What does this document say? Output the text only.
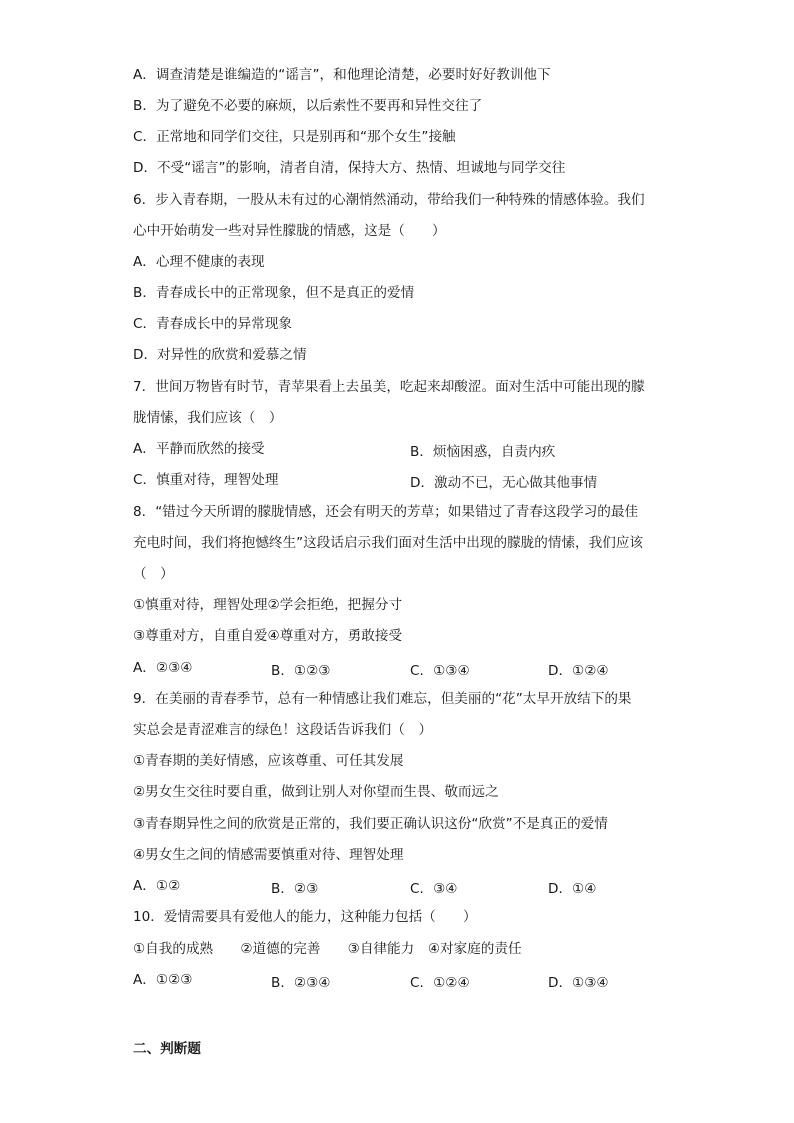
A．调查清楚是谁编造的“谣言”，和他理论清楚，必要时好好教训他下
B．为了避免不必要的麻烦，以后索性不要再和异性交往了
C．正常地和同学们交往，只是别再和“那个女生”接触
D．不受“谣言”的影响，清者自清，保持大方、热情、坦诚地与同学交往
6．步入青春期，一股从未有过的心潮悄然涌动，带给我们一种特殊的情感体验。我们
心中开始萌发一些对异性朦胧的情感，这是（　　）
A．心理不健康的表现
B．青春成长中的正常现象，但不是真正的爱情
C．青春成长中的异常现象
D．对异性的欣赏和爱慕之情
7．世间万物皆有时节，青苹果看上去虽美，吃起来却酸涩。面对生活中可能出现的朦
胧情愫，我们应该（　）
A．平静而欣然的接受	B．烦恼困惑，自责内疚
C．慎重对待，理智处理	D．激动不已，无心做其他事情
8．“错过今天所谓的朦胧情感，还会有明天的芳草；如果错过了青春这段学习的最佳
充电时间，我们将抱憾终生”这段话启示我们面对生活中出现的朦胧的情愫，我们应该
（　）
①慎重对待，理智处理②学会拒绝，把握分寸
③尊重对方，自重自爱④尊重对方，勇敢接受
A．②③④	B．①②③	C．①③④	D．①②④
9．在美丽的青春季节，总有一种情感让我们难忘，但美丽的“花”太早开放结下的果
实总会是青涩难言的绿色！这段话告诉我们（　）
①青春期的美好情感，应该尊重、可任其发展
②男女生交往时要自重，做到让别人对你望而生畏、敬而远之
③青春期异性之间的欣赏是正常的，我们要正确认识这份“欣赏”不是真正的爱情
④男女生之间的情感需要慎重对待、理智处理
A．①②	B．②③	C．③④	D．①④
10．爱情需要具有爱他人的能力，这种能力包括（　　）
①自我的成熟　　②道德的完善　　③自律能力　④对家庭的责任
A．①②③	B．②③④	C．①②④	D．①③④
二、判断题
